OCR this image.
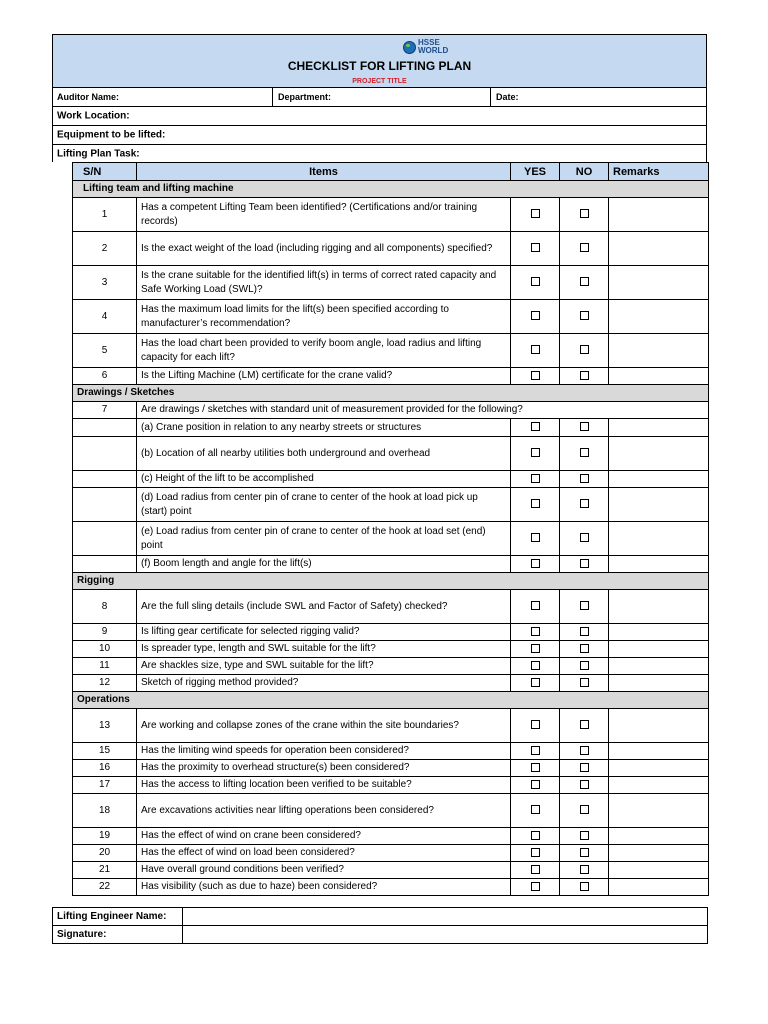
HSSE
WORLD
CHECKLIST FOR LIFTING PLAN
PROJECT TITLE
Auditor Name:	Department:	Date:
Work Location:
Equipment to be lifted:
Lifting Plan Task:
S/N	Items	YES	NO	Remarks
Lifting team and lifting machine				
1	Has a competent Lifting Team been identified? (Certifications and/or training records)			
2	Is the exact weight of the load (including rigging and all components) specified?			
3	Is the crane suitable for the identified lift(s) in terms of correct rated capacity and Safe Working Load (SWL)?			
4	Has the maximum load limits for the lift(s) been specified according to manufacturer’s recommendation?			
5	Has the load chart been provided to verify boom angle, load radius and lifting capacity for each lift?			
6	Is the Lifting Machine (LM) certificate for the crane valid?			
Drawings / Sketches				
7	Are drawings / sketches with standard unit of measurement provided for the following?			
	(a) Crane position in relation to any nearby streets or structures			
	(b) Location of all nearby utilities both underground and overhead			
	(c) Height of the lift to be accomplished			
	(d) Load radius from center pin of crane to center of the hook at load pick up (start) point			
	(e) Load radius from center pin of crane to center of the hook at load set (end) point			
	(f) Boom length and angle for the lift(s)			
Rigging				
8	Are the full sling details (include SWL and Factor of Safety) checked?			
9	Is lifting gear certificate for selected rigging valid?			
10	Is spreader type, length and SWL suitable for the lift?			
11	Are shackles size, type and SWL suitable for the lift?			
12	Sketch of rigging method provided?			
Operations				
13	Are working and collapse zones of the crane within the site boundaries?			
15	Has the limiting wind speeds for operation been considered?			
16	Has the proximity to overhead structure(s) been considered?			
17	Has the access to lifting location been verified to be suitable?			
18	Are excavations activities near lifting operations been considered?			
19	Has the effect of wind on crane been considered?			
20	Has the effect of wind on load been considered?			
21	Have overall ground conditions been verified?			
22	Has visibility (such as due to haze) been considered?			
Lifting Engineer Name:	
Signature:	
